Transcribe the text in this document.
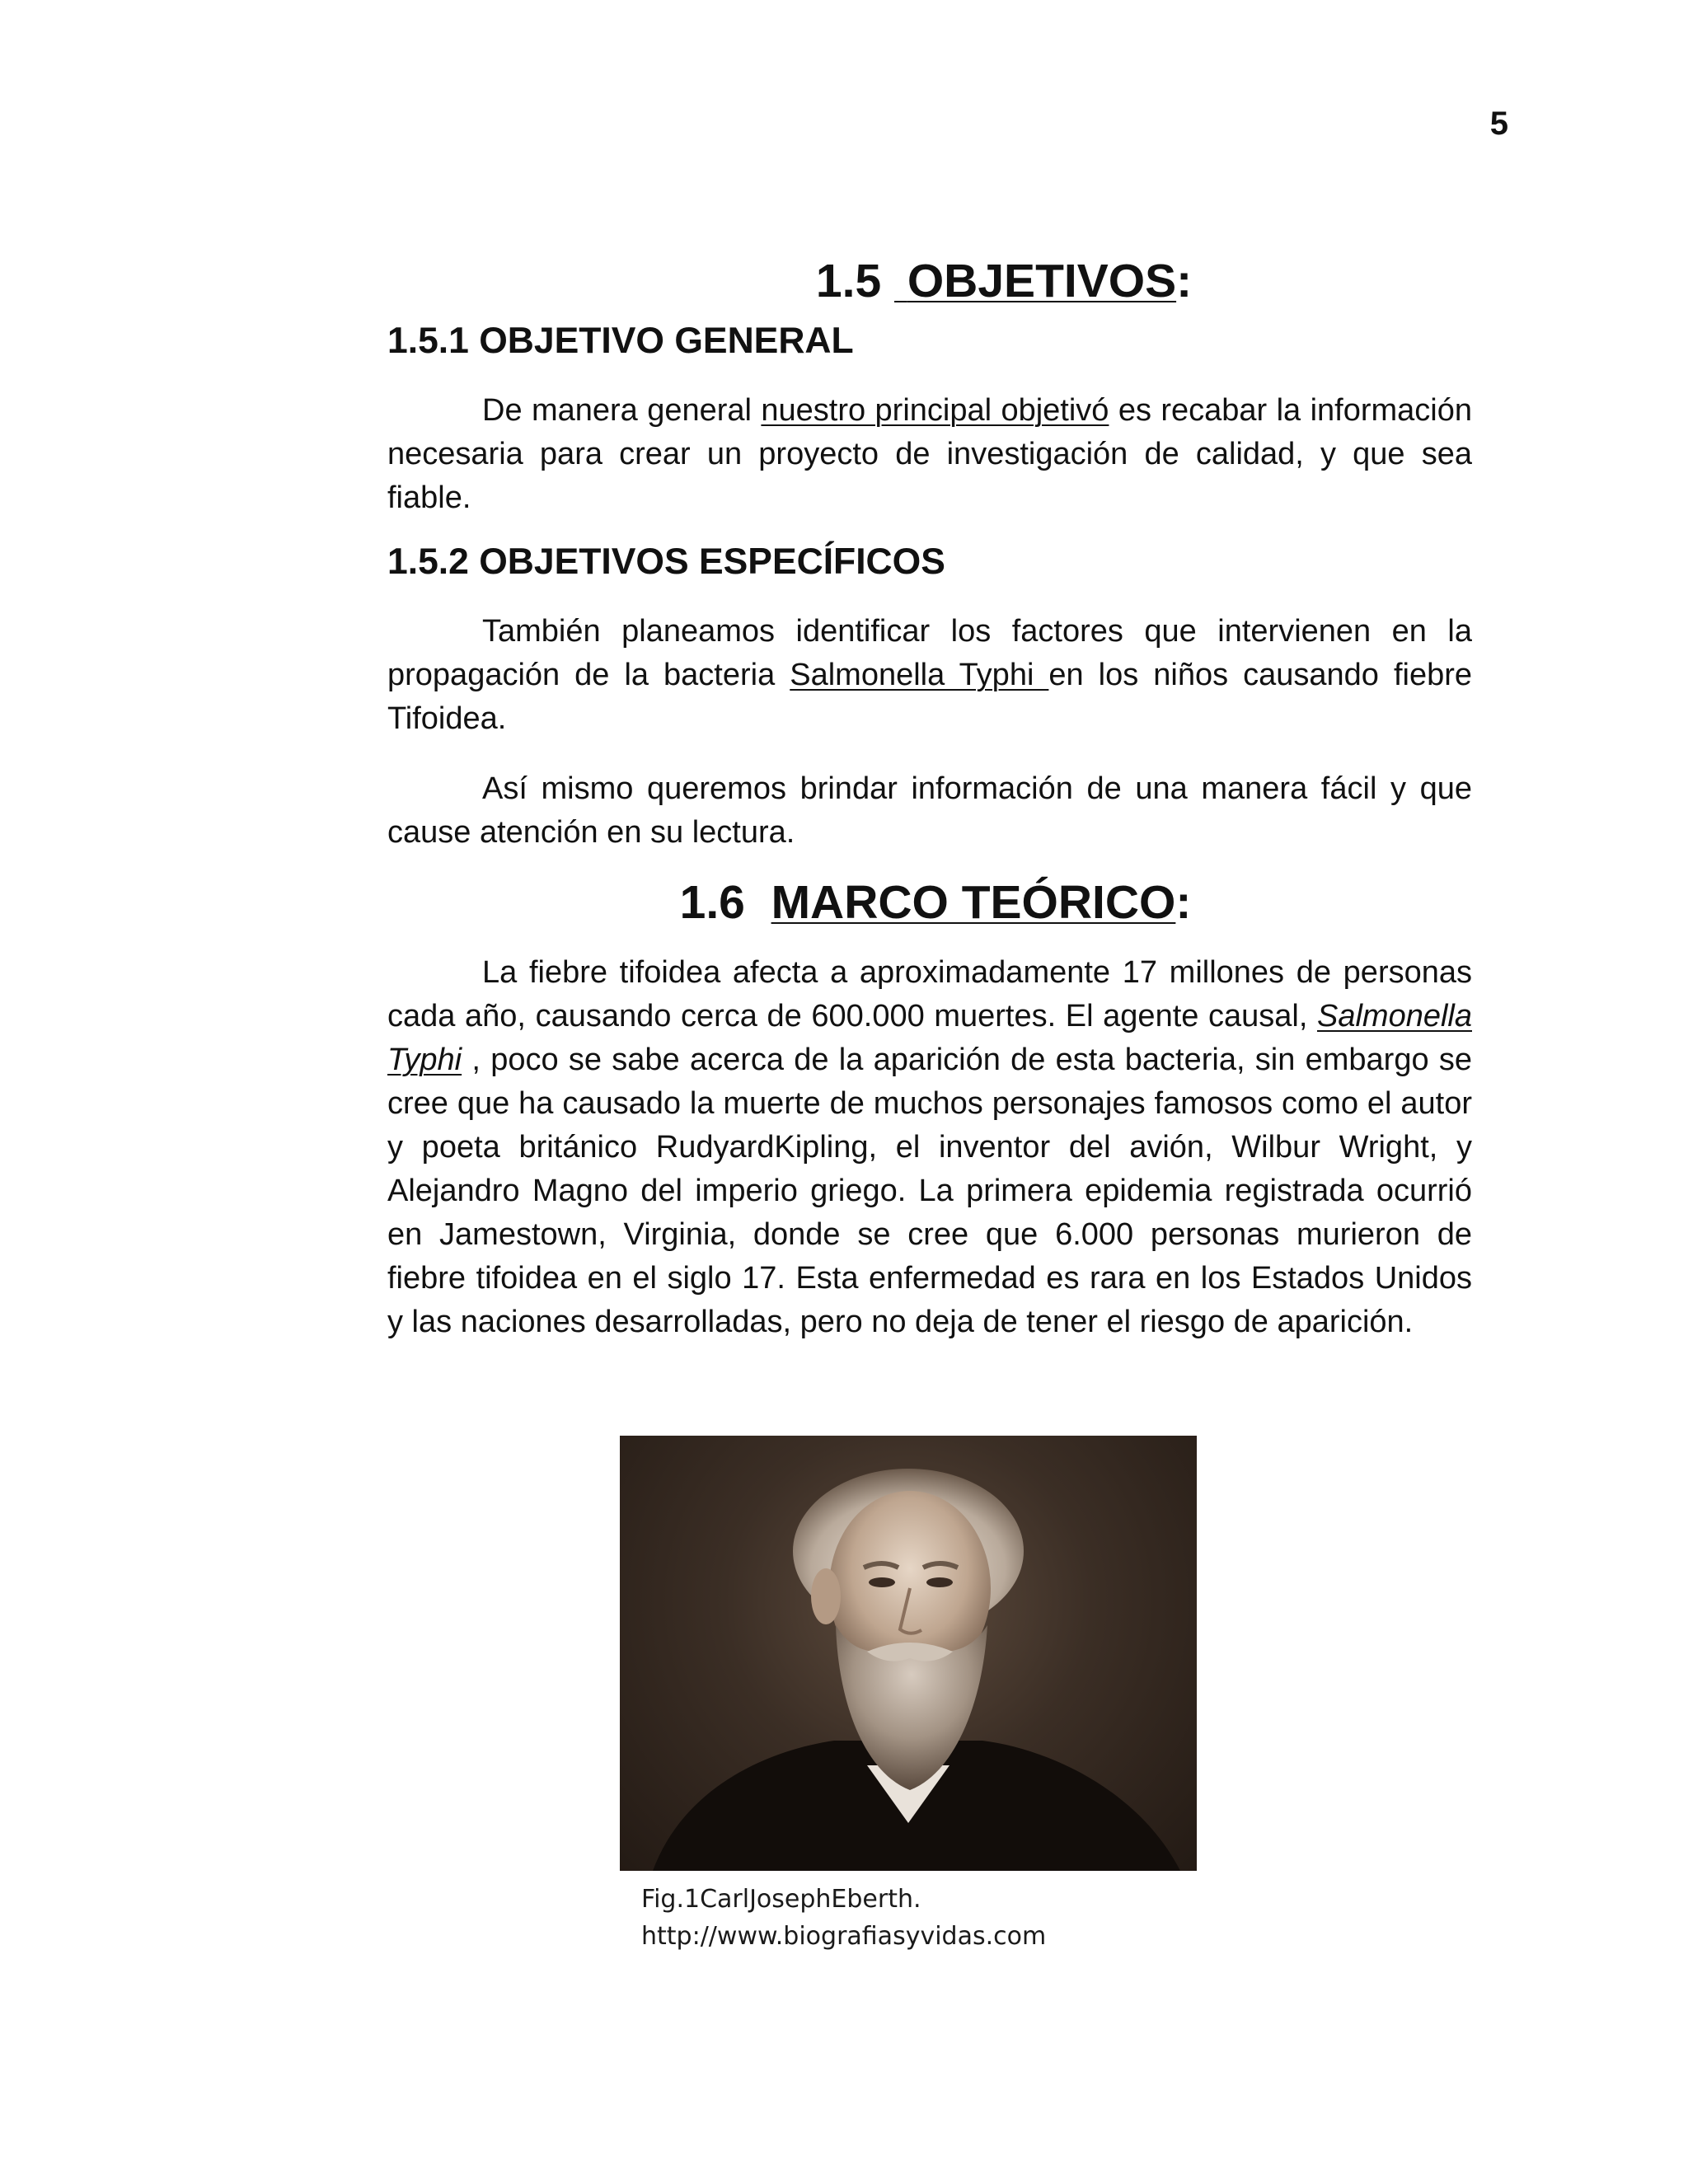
5
1.5 OBJETIVOS:
1.5.1 OBJETIVO GENERAL

De manera general nuestro principal objetivó es recabar la información necesaria para crear un proyecto de investigación de calidad, y que sea fiable.

1.5.2 OBJETIVOS ESPECÍFICOS

También planeamos identificar los factores que intervienen en la propagación de la bacteria Salmonella Typhi en los niños causando fiebre Tifoidea.

Así mismo queremos brindar información de una manera fácil y que cause atención en su lectura.

1.6 MARCO TEÓRICO:

La fiebre tifoidea afecta a aproximadamente 17 millones de personas cada año, causando cerca de 600.000 muertes. El agente causal, Salmonella Typhi , poco se sabe acerca de la aparición de esta bacteria, sin embargo se cree que ha causado la muerte de muchos personajes famosos como el autor y poeta británico RudyardKipling, el inventor del avión, Wilbur Wright, y Alejandro Magno del imperio griego. La primera epidemia registrada ocurrió en Jamestown, Virginia, donde se cree que 6.000 personas murieron de fiebre tifoidea en el siglo 17. Esta enfermedad es rara en los Estados Unidos y las naciones desarrolladas, pero no deja de tener el riesgo de aparición.

Fig.1CarlJosephEberth.
http://www.biografiasyvidas.com
